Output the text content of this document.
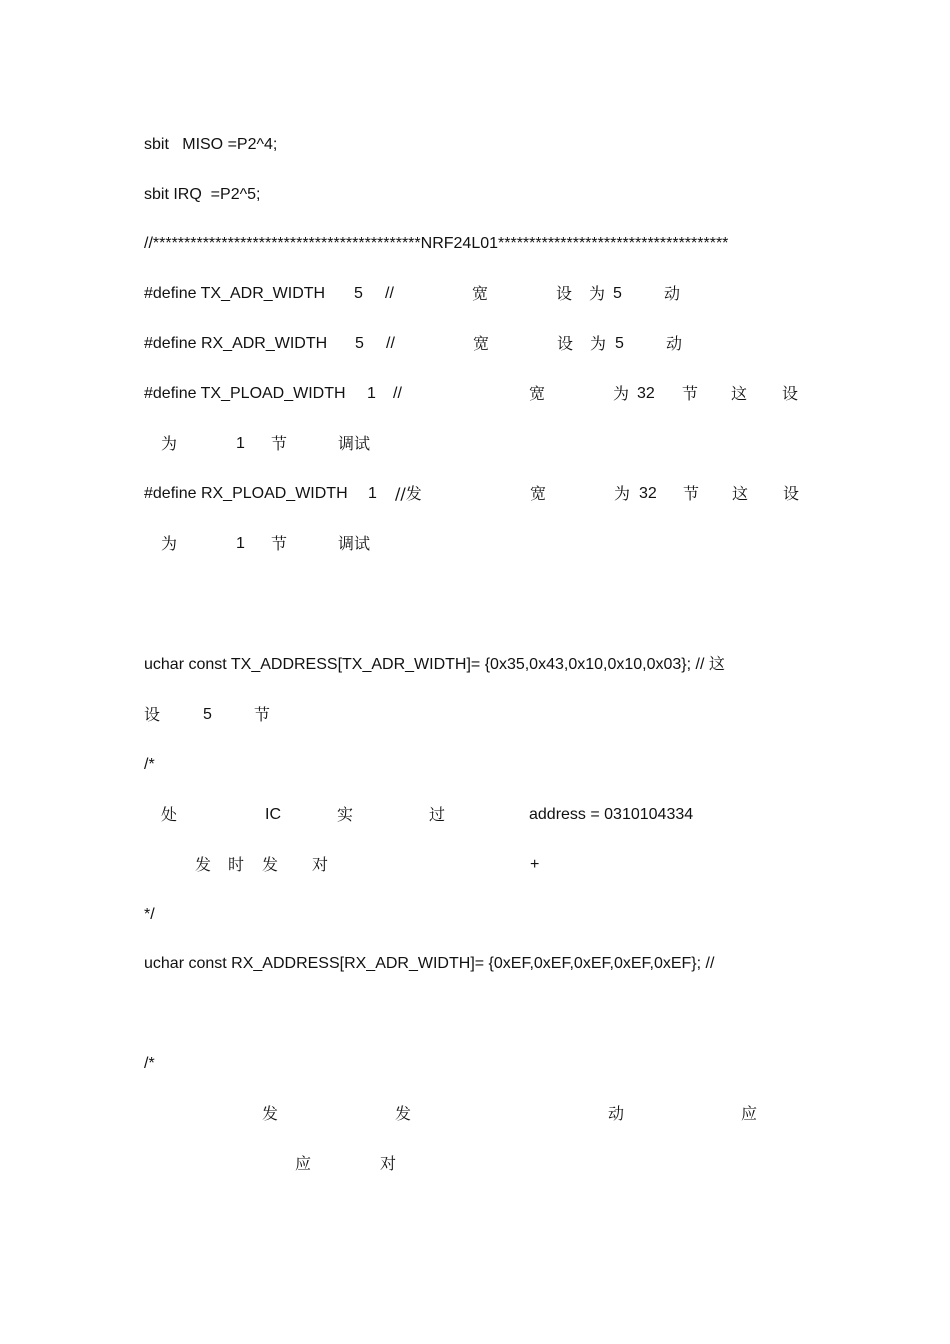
sbit   MISO =P2^4;
sbit IRQ  =P2^5;
//*******************************************NRF24L01*************************************
#define TX_ADR_WIDTH 5 //	宽	设 为 5	动
#define RX_ADR_WIDTH 5 //	宽	设 为 5	动
#define TX_PLOAD_WIDTH 1 //	宽	为 32 节 这 设
为	1 节	调试
#define RX_PLOAD_WIDTH 1 //发	宽	为 32 节 这 设
为	1 节	调试
uchar const TX_ADDRESS[TX_ADR_WIDTH]= {0x35,0x43,0x10,0x10,0x03}; // 这
设	5	节
/*
处	IC	实	过	address = 0310104334
发 时 发 对	+
*/
uchar const RX_ADDRESS[RX_ADR_WIDTH]= {0xEF,0xEF,0xEF,0xEF,0xEF}; //
/*
发	发	动	应
应	对
